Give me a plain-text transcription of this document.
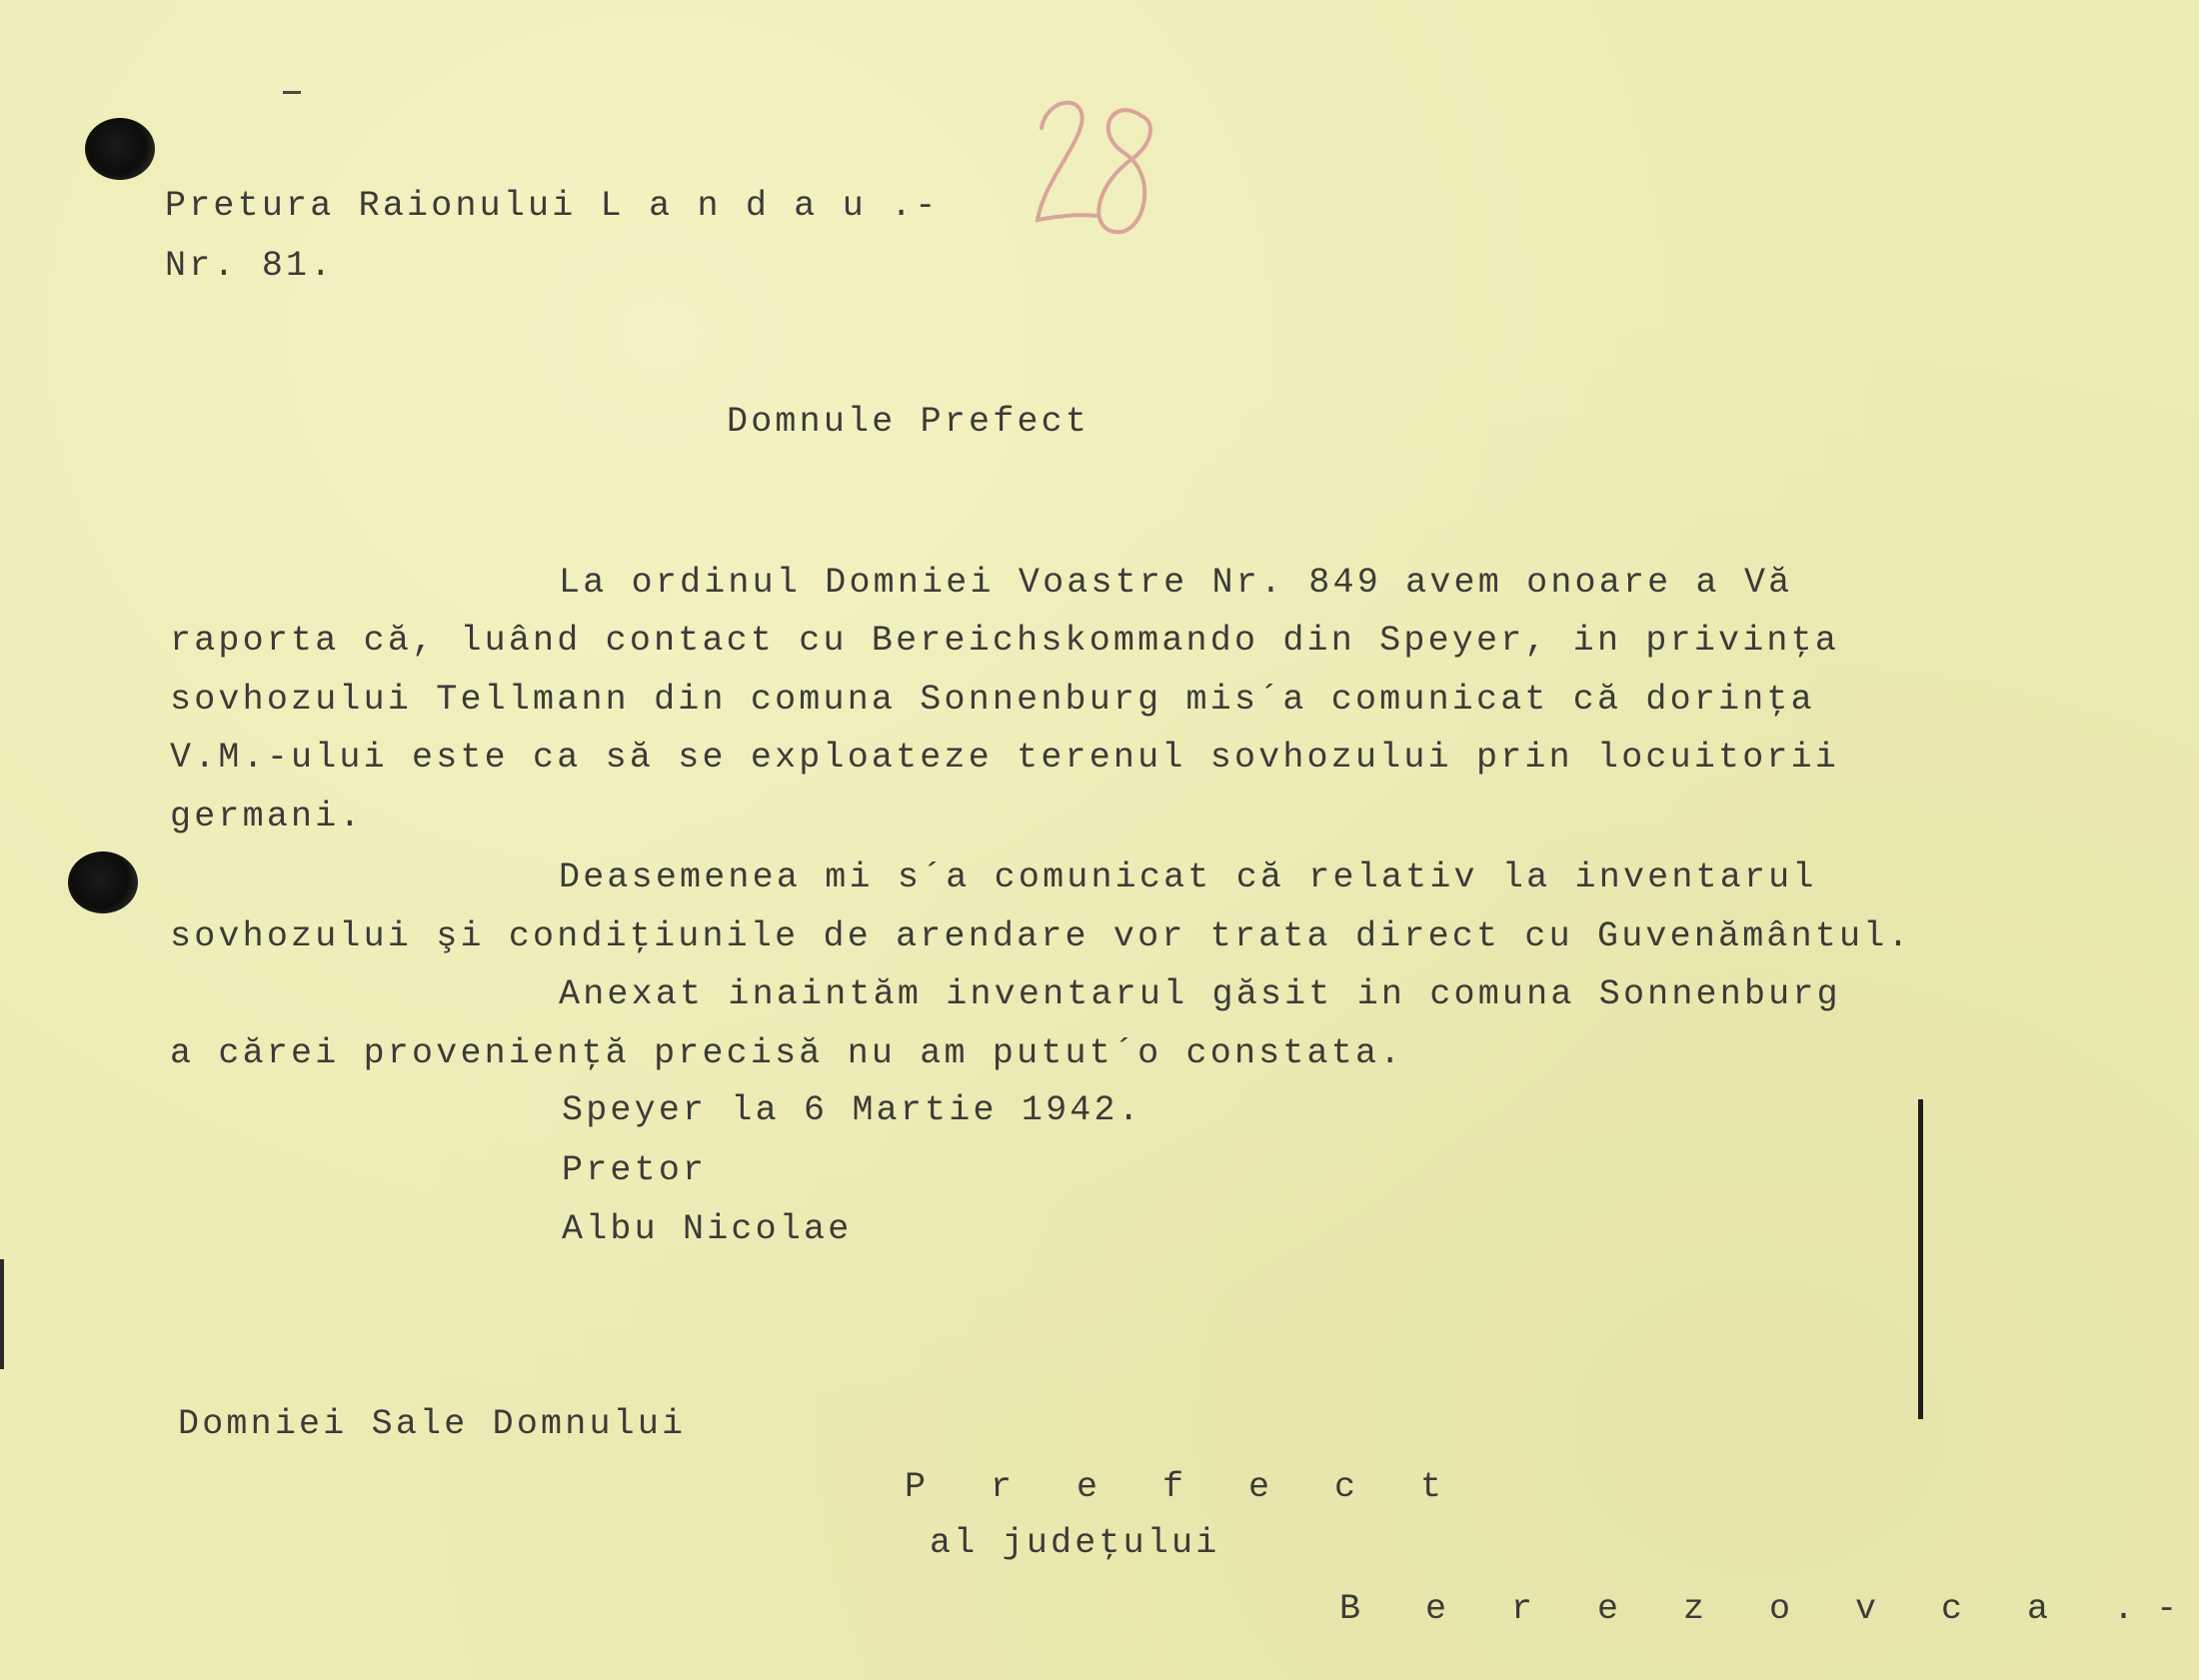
Pretura Raionului L a n d a u .-
Nr. 81.
Domnule Prefect
La ordinul Domniei Voastre Nr. 849 avem onoare a Vă
raporta că, luând contact cu Bereichskommando din Speyer, in privinţa
sovhozului Tellmann din comuna Sonnenburg mis´a comunicat că dorinţa
V.M.-ului este ca să se exploateze terenul sovhozului prin locuitorii
germani.
Deasemenea mi s´a comunicat că relativ la inventarul
sovhozului şi condiţiunile de arendare vor trata direct cu Guvenământul.
Anexat inaintăm inventarul găsit in comuna Sonnenburg
a cărei provenienţă precisă nu am putut´o constata.
Speyer la 6 Martie 1942.
Pretor
Albu Nicolae
Domniei Sale Domnului
P r e f e c t
al judeţului
B e r e z o v c a .-
